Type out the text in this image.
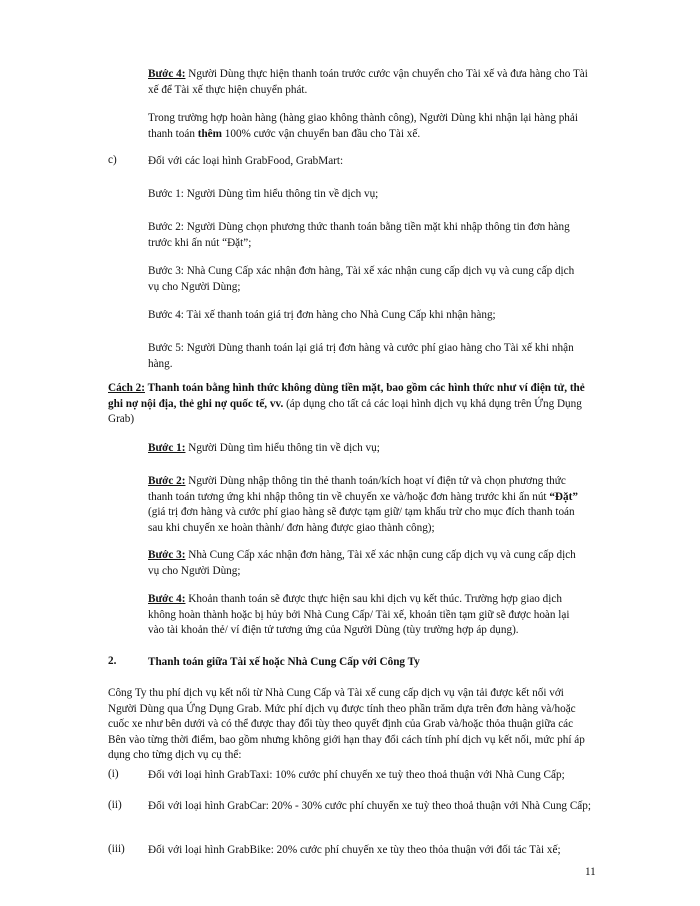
Bước 4: Người Dùng thực hiện thanh toán trước cước vận chuyển cho Tài xế và đưa hàng cho Tài xế để Tài xế thực hiện chuyển phát.

Trong trường hợp hoàn hàng (hàng giao không thành công), Người Dùng khi nhận lại hàng phải thanh toán thêm 100% cước vận chuyển ban đầu cho Tài xế.

c)	Đối với các loại hình GrabFood, GrabMart:

Bước 1: Người Dùng tìm hiểu thông tin về dịch vụ;

Bước 2: Người Dùng chọn phương thức thanh toán bằng tiền mặt khi nhập thông tin đơn hàng trước khi ấn nút “Đặt”;

Bước 3: Nhà Cung Cấp xác nhận đơn hàng, Tài xế xác nhận cung cấp dịch vụ và cung cấp dịch vụ cho Người Dùng;

Bước 4: Tài xế thanh toán giá trị đơn hàng cho Nhà Cung Cấp khi nhận hàng;

Bước 5: Người Dùng thanh toán lại giá trị đơn hàng và cước phí giao hàng cho Tài xế khi nhận hàng.

Cách 2: Thanh toán bằng hình thức không dùng tiền mặt, bao gồm các hình thức như ví điện tử, thẻ ghi nợ nội địa, thẻ ghi nợ quốc tế, vv. (áp dụng cho tất cả các loại hình dịch vụ khả dụng trên Ứng Dụng Grab)

Bước 1: Người Dùng tìm hiểu thông tin về dịch vụ;

Bước 2: Người Dùng nhập thông tin thẻ thanh toán/kích hoạt ví điện tử và chọn phương thức thanh toán tương ứng khi nhập thông tin về chuyến xe và/hoặc đơn hàng trước khi ấn nút “Đặt” (giá trị đơn hàng và cước phí giao hàng sẽ được tạm giữ/ tạm khấu trừ cho mục đích thanh toán sau khi chuyến xe hoàn thành/ đơn hàng được giao thành công);

Bước 3: Nhà Cung Cấp xác nhận đơn hàng, Tài xế xác nhận cung cấp dịch vụ và cung cấp dịch vụ cho Người Dùng;

Bước 4: Khoản thanh toán sẽ được thực hiện sau khi dịch vụ kết thúc. Trường hợp giao dịch không hoàn thành hoặc bị hủy bởi Nhà Cung Cấp/ Tài xế, khoản tiền tạm giữ sẽ được hoàn lại vào tài khoản thẻ/ ví điện tử tương ứng của Người Dùng (tùy trường hợp áp dụng).

2.	Thanh toán giữa Tài xế hoặc Nhà Cung Cấp với Công Ty

Công Ty thu phí dịch vụ kết nối từ Nhà Cung Cấp và Tài xế cung cấp dịch vụ vận tải được kết nối với Người Dùng qua Ứng Dụng Grab. Mức phí dịch vụ được tính theo phần trăm dựa trên đơn hàng và/hoặc cuốc xe như bên dưới và có thể được thay đổi tùy theo quyết định của Grab và/hoặc thỏa thuận giữa các Bên vào từng thời điểm, bao gồm nhưng không giới hạn thay đổi cách tính phí dịch vụ kết nối, mức phí áp dụng cho từng dịch vụ cụ thể:

(i)	Đối với loại hình GrabTaxi: 10% cước phí chuyến xe tuỳ theo thoả thuận với Nhà Cung Cấp;

(ii) Đối với loại hình GrabCar: 20% - 30% cước phí chuyến xe tuỳ theo thoả thuận với Nhà Cung Cấp;

(iii) Đối với loại hình GrabBike: 20% cước phí chuyến xe tùy theo thỏa thuận với đối tác Tài xế;

11
